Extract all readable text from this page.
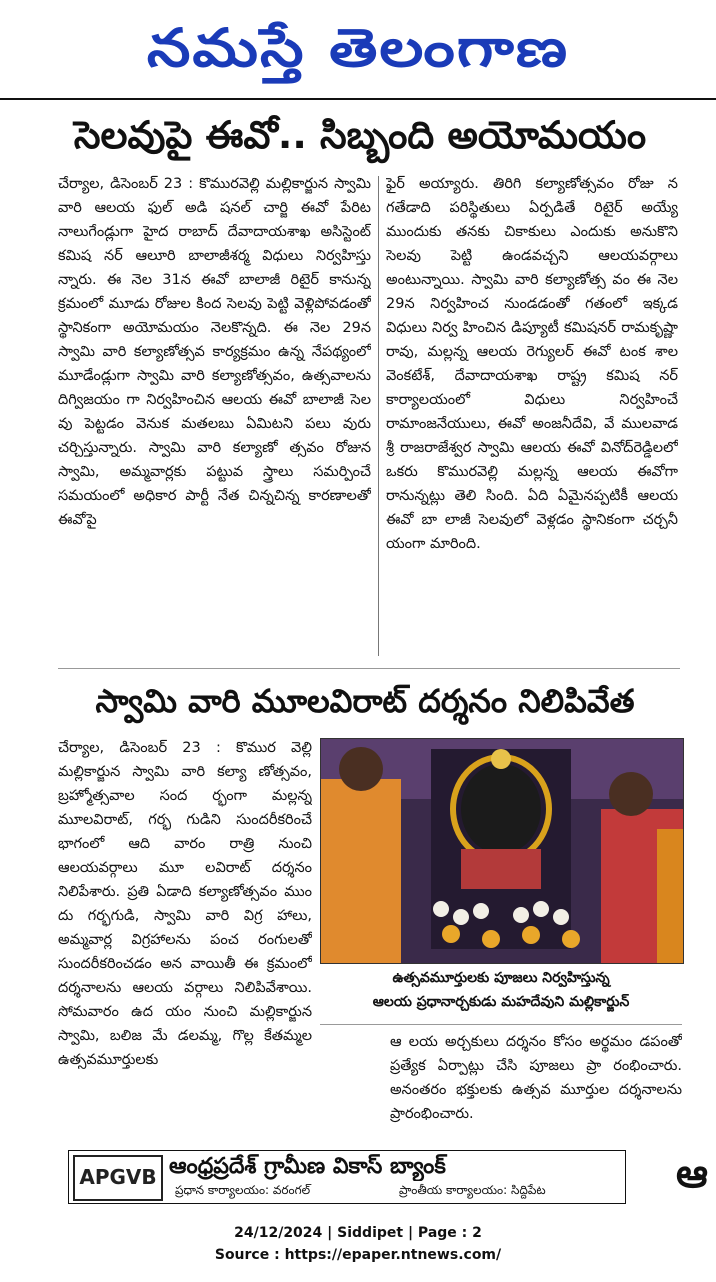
నమస్తే తెలంగాణ
సెలవుపై ఈవో.. సిబ్బంది అయోమయం

చేర్యాల, డిసెంబర్ 23 : కొమురవెల్లి మల్లికార్జున స్వామి వారి ఆలయ ఫుల్ అడి షనల్ చార్జి ఈవో పేరిట నాలుగేండ్లుగా హైద రాబాద్ దేవాదాయశాఖ అసిస్టెంట్ కమిష నర్ ఆలూరి బాలాజీశర్మ విధులు నిర్వహిస్తు న్నారు. ఈ నెల 31న ఈవో బాలాజీ రిటైర్ కానున్న క్రమంలో మూడు రోజుల కింద సెలవు పెట్టి వెళ్లిపోవడంతో స్థానికంగా అయోమయం నెలకొన్నది. ఈ నెల 29న స్వామి వారి కల్యాణోత్సవ కార్యక్రమం ఉన్న నేపథ్యంలో మూడేండ్లుగా స్వామి వారి కల్యాణోత్సవం, ఉత్సవాలను దిగ్విజయం గా నిర్వహించిన ఆలయ ఈవో బాలాజీ సెల వు పెట్టడం వెనుక మతలబు ఏమిటని పలు వురు చర్చిస్తున్నారు. స్వామి వారి కల్యాణో త్సవం రోజున స్వామి, అమ్మవార్లకు పట్టువ స్త్రాలు సమర్పించే సమయంలో అధికార పార్టీ నేత చిన్నచిన్న కారణాలతో ఈవోపై

ఫైర్ అయ్యారు. తిరిగి కల్యాణోత్సవం రోజు న గతేడాది పరిస్థితులు ఏర్పడితే రిటైర్ అయ్యే ముందుకు తనకు చికాకులు ఎందుకు అనుకొని సెలవు పెట్టి ఉండవచ్చని ఆలయవర్గాలు అంటున్నాయి. స్వామి వారి కల్యాణోత్స వం ఈ నెల 29న నిర్వహించ నుండడంతో గతంలో ఇక్కడ విధులు నిర్వ హించిన డిప్యూటీ కమిషనర్ రామకృష్ణా రావు, మల్లన్న ఆలయ రెగ్యులర్ ఈవో టంక శాల వెంకటేశ్, దేవాదాయశాఖ రాష్ట్ర కమిష నర్ కార్యాలయంలో విధులు నిర్వహించే రామాంజనేయులు, ఈవో అంజనీదేవి, వే ములవాడ శ్రీ రాజరాజేశ్వర స్వామి ఆలయ ఈవో వినోద్‌రెడ్డిలలో ఒకరు కొమురవెల్లి మల్లన్న ఆలయ ఈవోగా రానున్నట్లు తెలి సింది. ఏది ఏమైనప్పటికీ ఆలయ ఈవో బా లాజీ సెలవులో వెళ్లడం స్థానికంగా చర్చనీ యంగా మారింది.

స్వామి వారి మూలవిరాట్ దర్శనం నిలిపివేత

చేర్యాల, డిసెంబర్ 23 : కొముర వెల్లి మల్లికార్జున స్వామి వారి కల్యా ణోత్సవం, బ్రహ్మోత్సవాల సంద ర్భంగా మల్లన్న మూలవిరాట్, గర్భ గుడిని సుందరీకరించే భాగంలో ఆది వారం రాత్రి నుంచి ఆలయవర్గాలు మూ లవిరాట్ దర్శనం నిలిపేశారు. ప్రతి ఏడాది కల్యాణోత్సవం ముం దు గర్భగుడి, స్వామి వారి విగ్ర హాలు, అమ్మవార్ల విగ్రహాలను పంచ రంగులతో సుందరీకరించడం అన వాయితీ ఈ క్రమంలో దర్శనాలను ఆలయ వర్గాలు నిలిపివేశాయి. సోమవారం ఉద యం నుంచి మల్లికార్జున స్వామి, బలిజ మే డలమ్మ, గొల్ల కేతమ్మల ఉత్సవమూర్తులకు

ఉత్సవమూర్తులకు పూజలు నిర్వహిస్తున్న
ఆలయ ప్రధానార్చకుడు మహదేవుని మల్లికార్జున్

ఆ లయ అర్చకులు దర్శనం కోసం అర్థమం డపంతో ప్రత్యేక ఏర్పాట్లు చేసి పూజలు ప్రా రంభించారు. అనంతరం భక్తులకు ఉత్సవ మూర్తుల దర్శనాలను ప్రారంభించారు.

APGVB ఆంధ్రప్రదేశ్ గ్రామీణ వికాస్ బ్యాంక్
ప్రధాన కార్యాలయం: వరంగల్	ప్రాంతీయ కార్యాలయం: సిద్దిపేట	ఆ
24/12/2024 | Siddipet | Page : 2
Source : https://epaper.ntnews.com/
